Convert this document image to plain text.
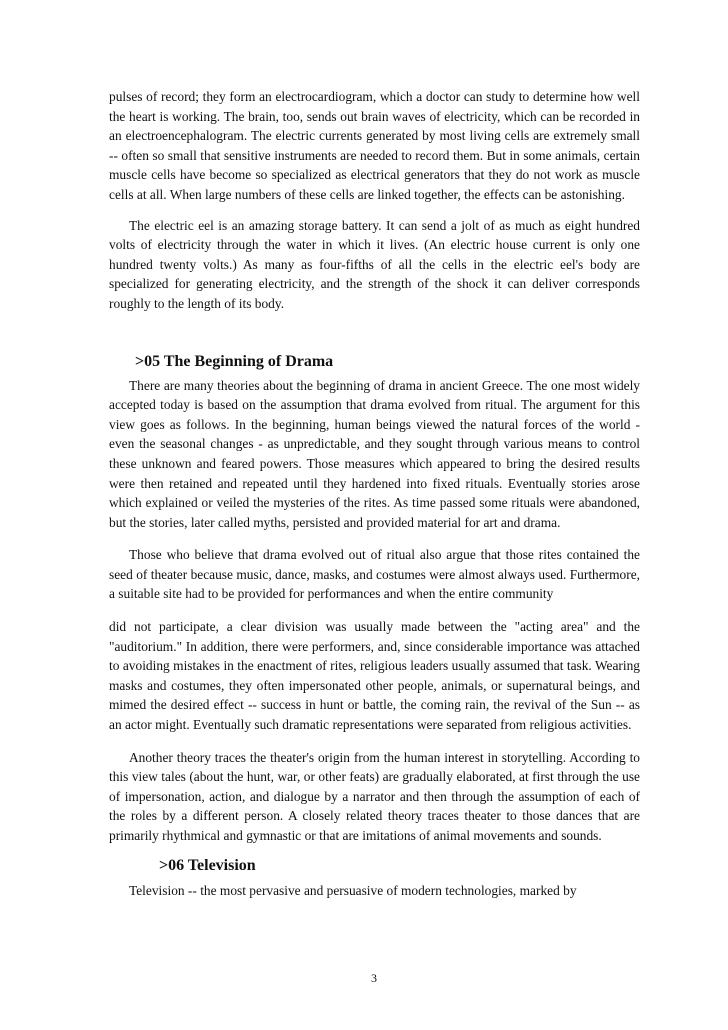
pulses of record; they form an electrocardiogram, which a doctor can study to determine how well the heart is working. The brain, too, sends out brain waves of electricity, which can be recorded in an electroencephalogram. The electric currents generated by most living cells are extremely small -- often so small that sensitive instruments are needed to record them. But in some animals, certain muscle cells have become so specialized as electrical generators that they do not work as muscle cells at all. When large numbers of these cells are linked together, the effects can be astonishing.

The electric eel is an amazing storage battery. It can send a jolt of as much as eight hundred volts of electricity through the water in which it lives. (An electric house current is only one hundred twenty volts.) As many as four-fifths of all the cells in the electric eel's body are specialized for generating electricity, and the strength of the shock it can deliver corresponds roughly to the length of its body.

>05 The Beginning of Drama

There are many theories about the beginning of drama in ancient Greece. The one most widely accepted today is based on the assumption that drama evolved from ritual. The argument for this view goes as follows. In the beginning, human beings viewed the natural forces of the world - even the seasonal changes - as unpredictable, and they sought through various means to control these unknown and feared powers. Those measures which appeared to bring the desired results were then retained and repeated until they hardened into fixed rituals. Eventually stories arose which explained or veiled the mysteries of the rites. As time passed some rituals were abandoned, but the stories, later called myths, persisted and provided material for art and drama.

Those who believe that drama evolved out of ritual also argue that those rites contained the seed of theater because music, dance, masks, and costumes were almost always used. Furthermore, a suitable site had to be provided for performances and when the entire community

did not participate, a clear division was usually made between the "acting area" and the "auditorium." In addition, there were performers, and, since considerable importance was attached to avoiding mistakes in the enactment of rites, religious leaders usually assumed that task. Wearing masks and costumes, they often impersonated other people, animals, or supernatural beings, and mimed the desired effect -- success in hunt or battle, the coming rain, the revival of the Sun -- as an actor might. Eventually such dramatic representations were separated from religious activities.

Another theory traces the theater's origin from the human interest in storytelling. According to this view tales (about the hunt, war, or other feats) are gradually elaborated, at first through the use of impersonation, action, and dialogue by a narrator and then through the assumption of each of the roles by a different person. A closely related theory traces theater to those dances that are primarily rhythmical and gymnastic or that are imitations of animal movements and sounds.

>06 Television

Television -- the most pervasive and persuasive of modern technologies, marked by

3
